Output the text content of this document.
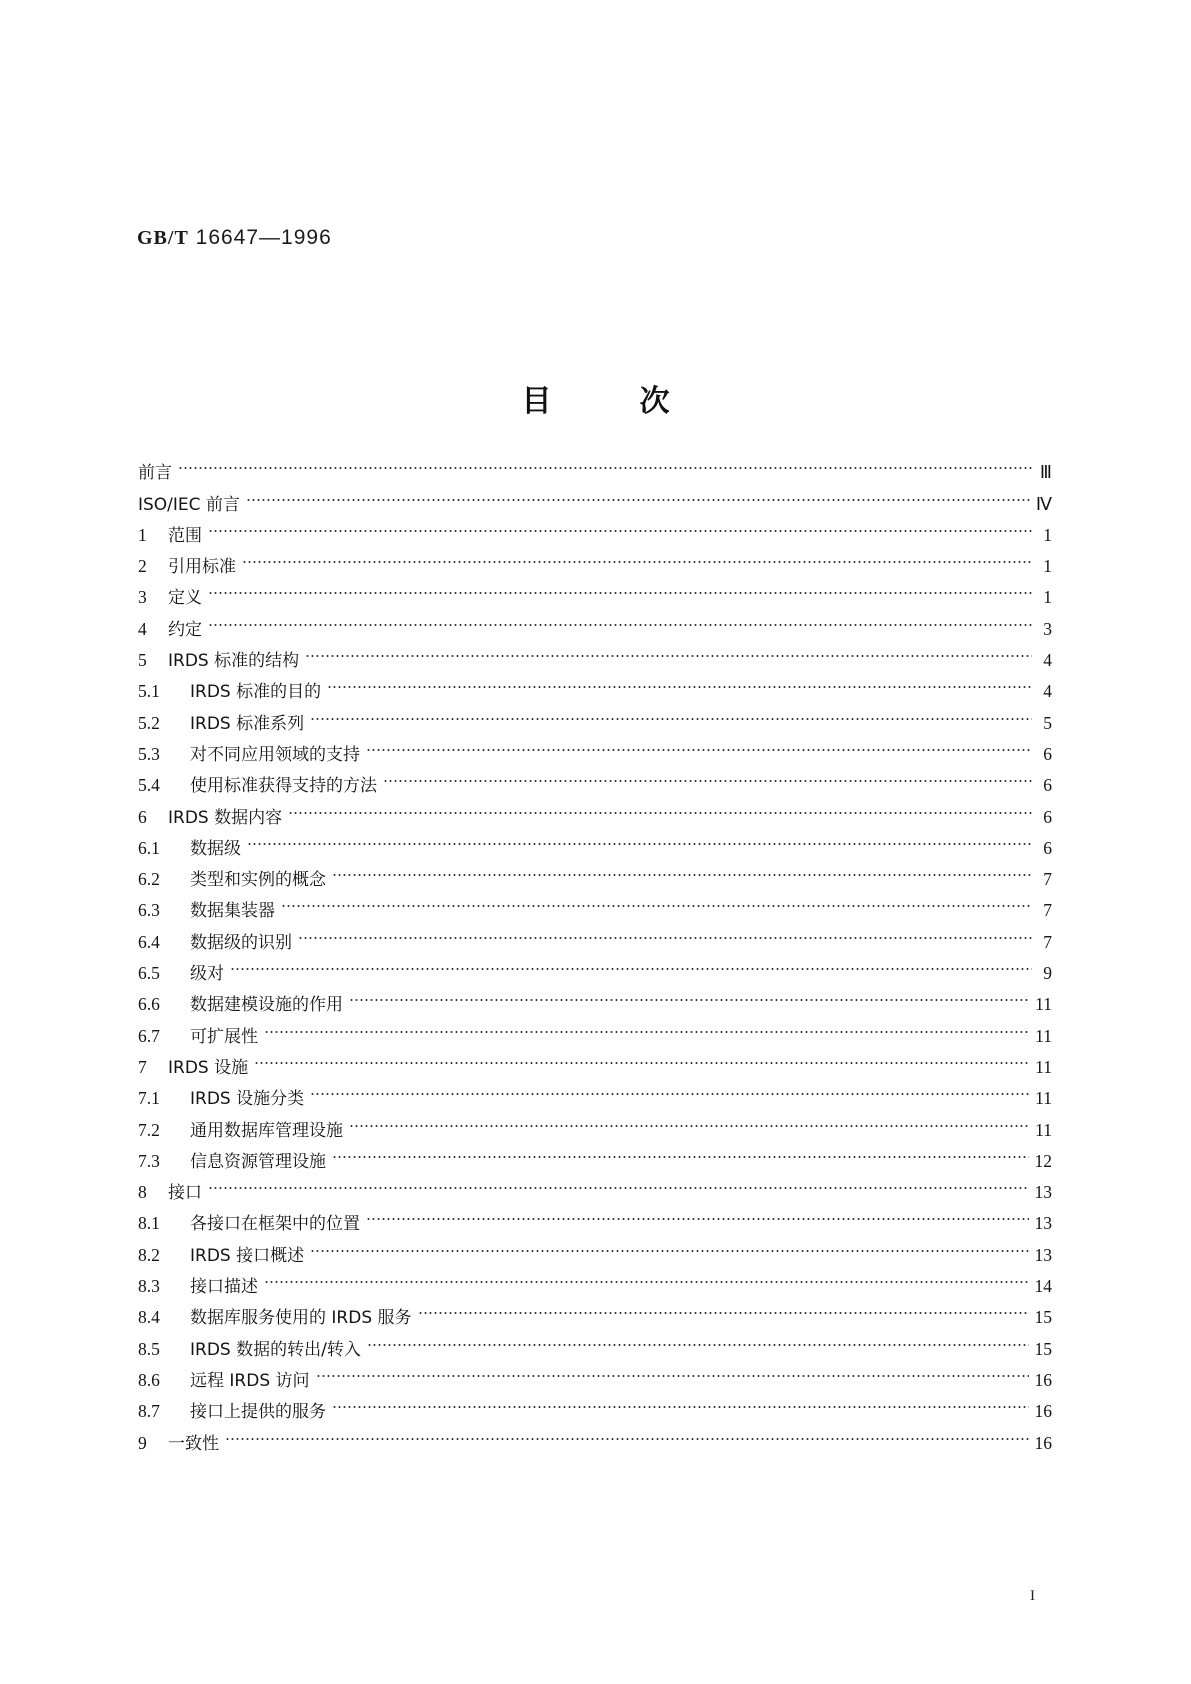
GB/T 16647—1996
目	次
前言	Ⅲ
ISO/IEC 前言	Ⅳ
1	范围	1
2	引用标准	1
3	定义	1
4	约定	3
5	IRDS 标准的结构	4
5.1	IRDS 标准的目的	4
5.2	IRDS 标准系列	5
5.3	对不同应用领域的支持	6
5.4	使用标准获得支持的方法	6
6	IRDS 数据内容	6
6.1	数据级	6
6.2	类型和实例的概念	7
6.3	数据集装器	7
6.4	数据级的识别	7
6.5	级对	9
6.6	数据建模设施的作用	11
6.7	可扩展性	11
7	IRDS 设施	11
7.1	IRDS 设施分类	11
7.2	通用数据库管理设施	11
7.3	信息资源管理设施	12
8	接口	13
8.1	各接口在框架中的位置	13
8.2	IRDS 接口概述	13
8.3	接口描述	14
8.4	数据库服务使用的 IRDS 服务	15
8.5	IRDS 数据的转出/转入	15
8.6	远程 IRDS 访问	16
8.7	接口上提供的服务	16
9	一致性	16
I
